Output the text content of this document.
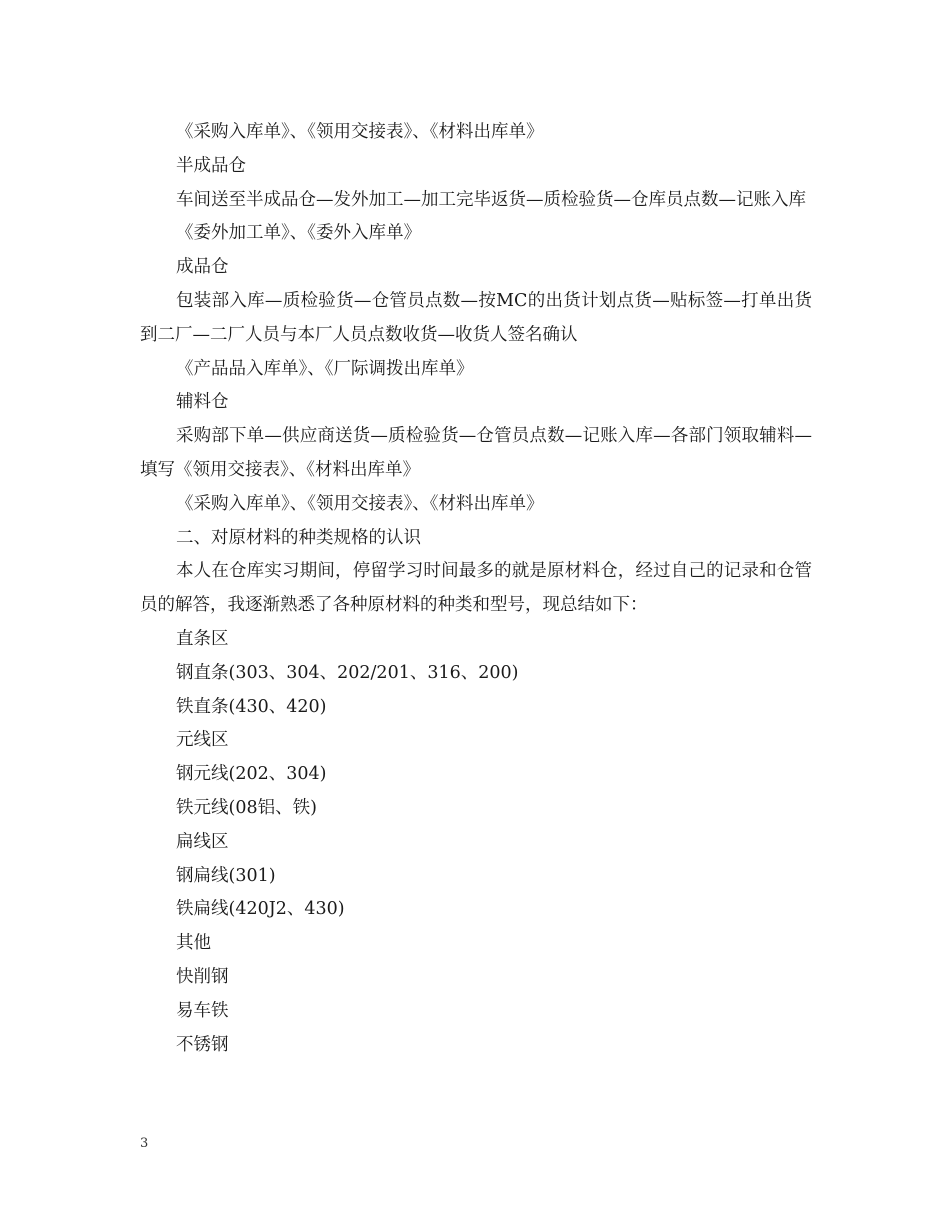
《采购入库单》、《领用交接表》、《材料出库单》

半成品仓

车间送至半成品仓—发外加工—加工完毕返货—质检验货—仓库员点数—记账入库

《委外加工单》、《委外入库单》

成品仓

包装部入库—质检验货—仓管员点数—按MC的出货计划点货—贴标签—打单出货到二厂—二厂人员与本厂人员点数收货—收货人签名确认

《产品品入库单》、《厂际调拨出库单》

辅料仓

采购部下单—供应商送货—质检验货—仓管员点数—记账入库—各部门领取辅料—填写《领用交接表》、《材料出库单》

《采购入库单》、《领用交接表》、《材料出库单》

二、对原材料的种类规格的认识

本人在仓库实习期间，停留学习时间最多的就是原材料仓，经过自己的记录和仓管员的解答，我逐渐熟悉了各种原材料的种类和型号，现总结如下：

直条区

钢直条(303、304、202/201、316、200)

铁直条(430、420)

元线区

钢元线(202、304)

铁元线(08铝、铁)

扁线区

钢扁线(301)

铁扁线(420J2、430)

其他

快削钢

易车铁

不锈钢

3
